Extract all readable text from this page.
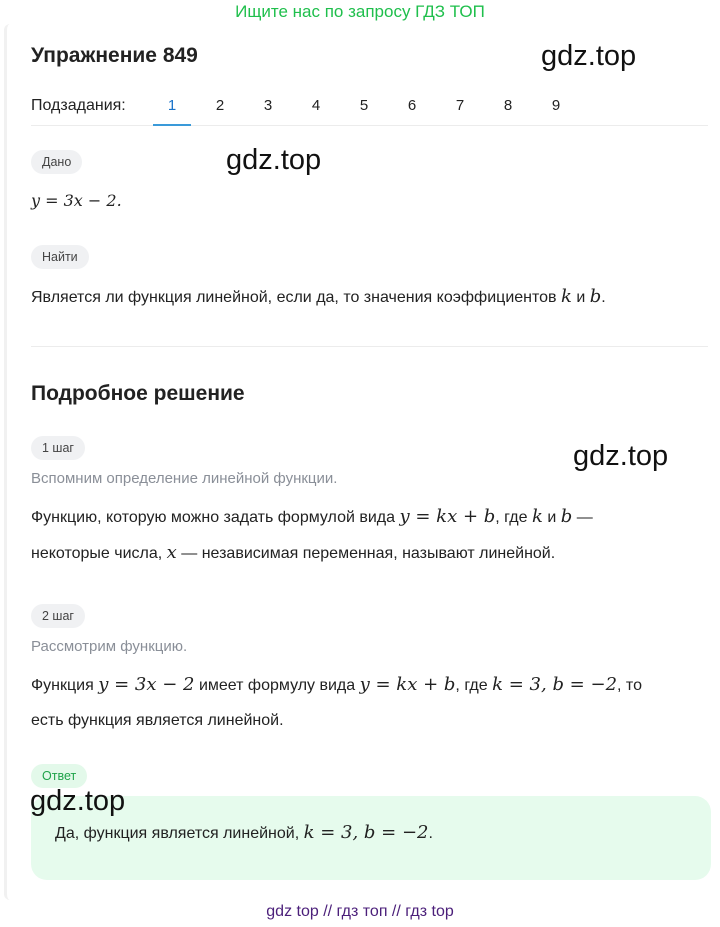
Ищите нас по запросу ГДЗ ТОП
Упражнение 849
Подзадания:	1	2	3	4	5	6	7	8	9
Дано
y = 3x − 2.
Найти
Является ли функция линейной, если да, то значения коэффициентов k и b.
Подробное решение
1 шаг
Вспомним определение линейной функции.
Функцию, которую можно задать формулой вида y = kx + b, где k и b —
некоторые числа, x — независимая переменная, называют линейной.
2 шаг
Рассмотрим функцию.
Функция y = 3x − 2 имеет формулу вида y = kx + b, где k = 3, b = −2, то
есть функция является линейной.
Ответ
Да, функция является линейной, k = 3, b = −2.
gdz.top
gdz.top
gdz.top
gdz.top
gdz top // гдз топ // гдз top
